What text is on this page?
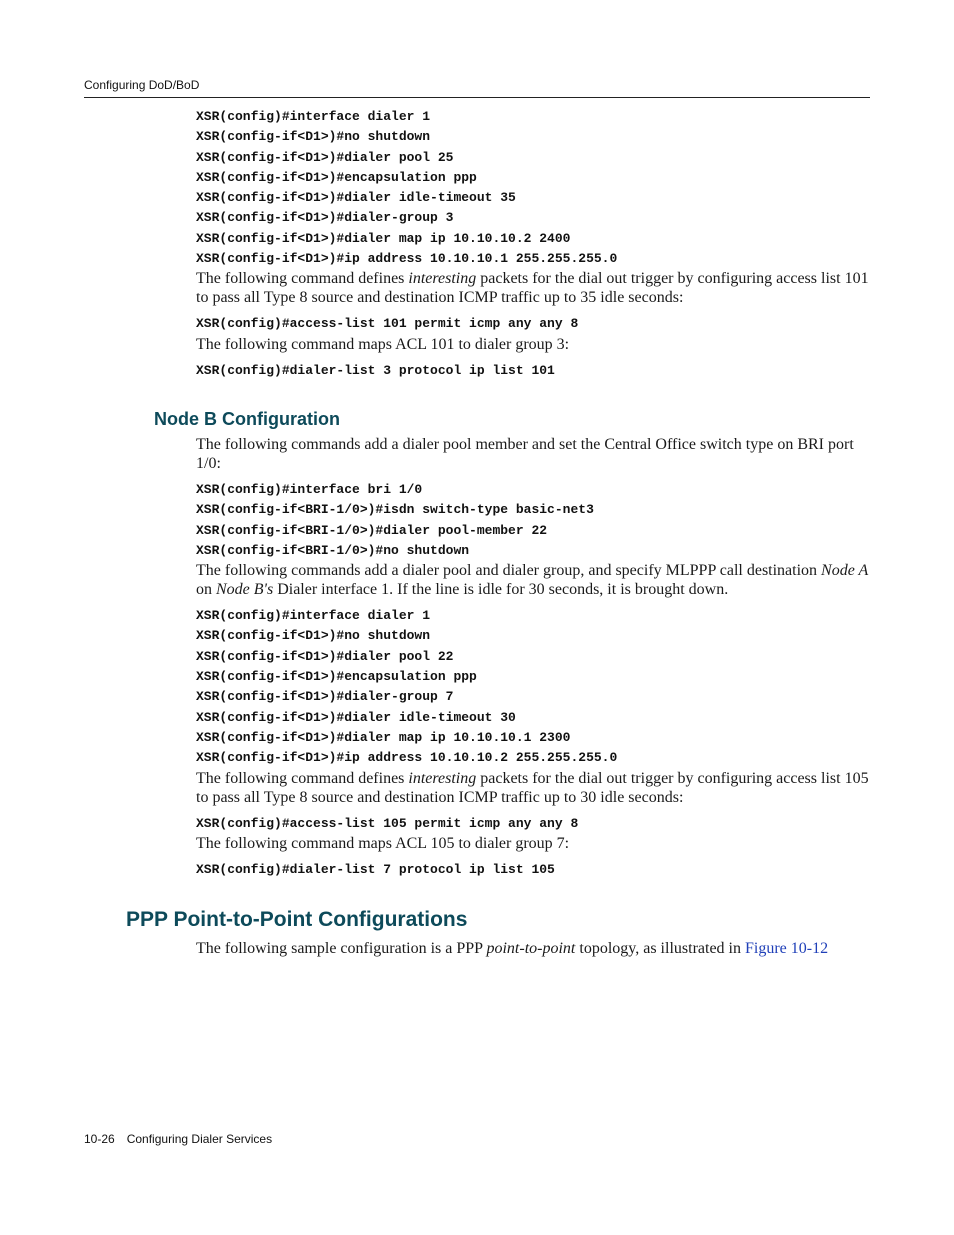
Configuring DoD/BoD
XSR(config)#interface dialer 1
XSR(config-if<D1>)#no shutdown
XSR(config-if<D1>)#dialer pool 25
XSR(config-if<D1>)#encapsulation ppp
XSR(config-if<D1>)#dialer idle-timeout 35
XSR(config-if<D1>)#dialer-group 3
XSR(config-if<D1>)#dialer map ip 10.10.10.2 2400
XSR(config-if<D1>)#ip address 10.10.10.1 255.255.255.0

The following command defines interesting packets for the dial out trigger by configuring access list 101 to pass all Type 8 source and destination ICMP traffic up to 35 idle seconds:

XSR(config)#access-list 101 permit icmp any any 8

The following command maps ACL 101 to dialer group 3:

XSR(config)#dialer-list 3 protocol ip list 101
Node B Configuration

The following commands add a dialer pool member and set the Central Office switch type on BRI port 1/0:

XSR(config)#interface bri 1/0
XSR(config-if<BRI-1/0>)#isdn switch-type basic-net3
XSR(config-if<BRI-1/0>)#dialer pool-member 22
XSR(config-if<BRI-1/0>)#no shutdown

The following commands add a dialer pool and dialer group, and specify MLPPP call destination Node A on Node B's Dialer interface 1. If the line is idle for 30 seconds, it is brought down.

XSR(config)#interface dialer 1
XSR(config-if<D1>)#no shutdown
XSR(config-if<D1>)#dialer pool 22
XSR(config-if<D1>)#encapsulation ppp
XSR(config-if<D1>)#dialer-group 7
XSR(config-if<D1>)#dialer idle-timeout 30
XSR(config-if<D1>)#dialer map ip 10.10.10.1 2300
XSR(config-if<D1>)#ip address 10.10.10.2 255.255.255.0

The following command defines interesting packets for the dial out trigger by configuring access list 105 to pass all Type 8 source and destination ICMP traffic up to 30 idle seconds:

XSR(config)#access-list 105 permit icmp any any 8

The following command maps ACL 105 to dialer group 7:

XSR(config)#dialer-list 7 protocol ip list 105
PPP Point-to-Point Configurations

The following sample configuration is a PPP point-to-point topology, as illustrated in Figure 10-12

10-26 Configuring Dialer Services
